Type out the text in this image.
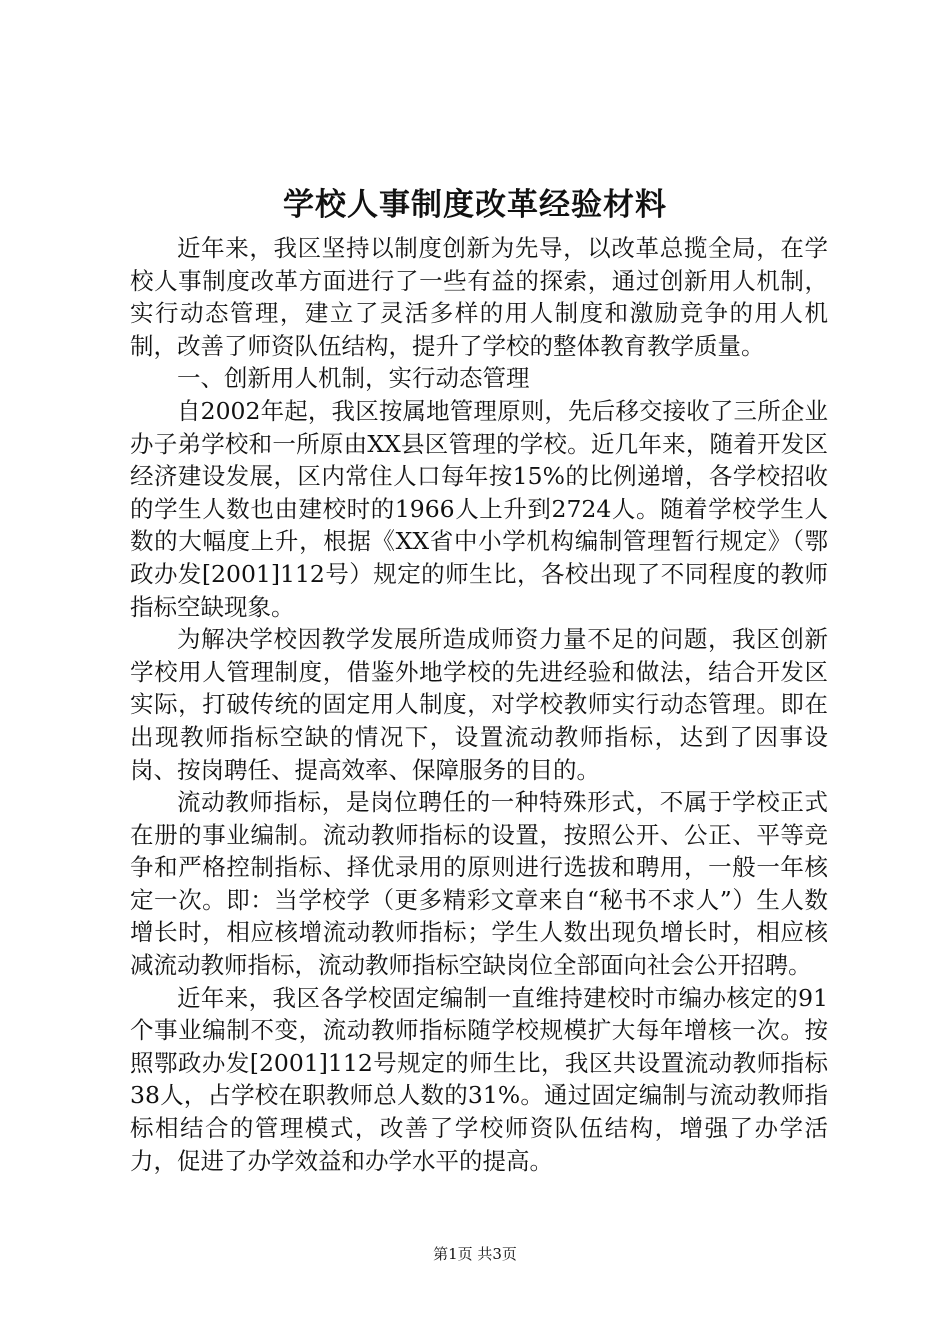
学校人事制度改革经验材料

近年来，我区坚持以制度创新为先导，以改革总揽全局，在学校人事制度改革方面进行了一些有益的探索，通过创新用人机制，实行动态管理，建立了灵活多样的用人制度和激励竞争的用人机制，改善了师资队伍结构，提升了学校的整体教育教学质量。

一、创新用人机制，实行动态管理

自2002年起，我区按属地管理原则，先后移交接收了三所企业办子弟学校和一所原由XX县区管理的学校。近几年来，随着开发区经济建设发展，区内常住人口每年按15%的比例递增，各学校招收的学生人数也由建校时的1966人上升到2724人。随着学校学生人数的大幅度上升，根据《XX省中小学机构编制管理暂行规定》（鄂政办发[2001]112号）规定的师生比，各校出现了不同程度的教师指标空缺现象。

为解决学校因教学发展所造成师资力量不足的问题，我区创新学校用人管理制度，借鉴外地学校的先进经验和做法，结合开发区实际，打破传统的固定用人制度，对学校教师实行动态管理。即在出现教师指标空缺的情况下，设置流动教师指标，达到了因事设岗、按岗聘任、提高效率、保障服务的目的。

流动教师指标，是岗位聘任的一种特殊形式，不属于学校正式在册的事业编制。流动教师指标的设置，按照公开、公正、平等竞争和严格控制指标、择优录用的原则进行选拔和聘用，一般一年核定一次。即：当学校学（更多精彩文章来自“秘书不求人”）生人数增长时，相应核增流动教师指标；学生人数出现负增长时，相应核减流动教师指标，流动教师指标空缺岗位全部面向社会公开招聘。

近年来，我区各学校固定编制一直维持建校时市编办核定的91个事业编制不变，流动教师指标随学校规模扩大每年增核一次。按照鄂政办发[2001]112号规定的师生比，我区共设置流动教师指标38人，占学校在职教师总人数的31%。通过固定编制与流动教师指标相结合的管理模式，改善了学校师资队伍结构，增强了办学活力，促进了办学效益和办学水平的提高。

第1页 共3页
